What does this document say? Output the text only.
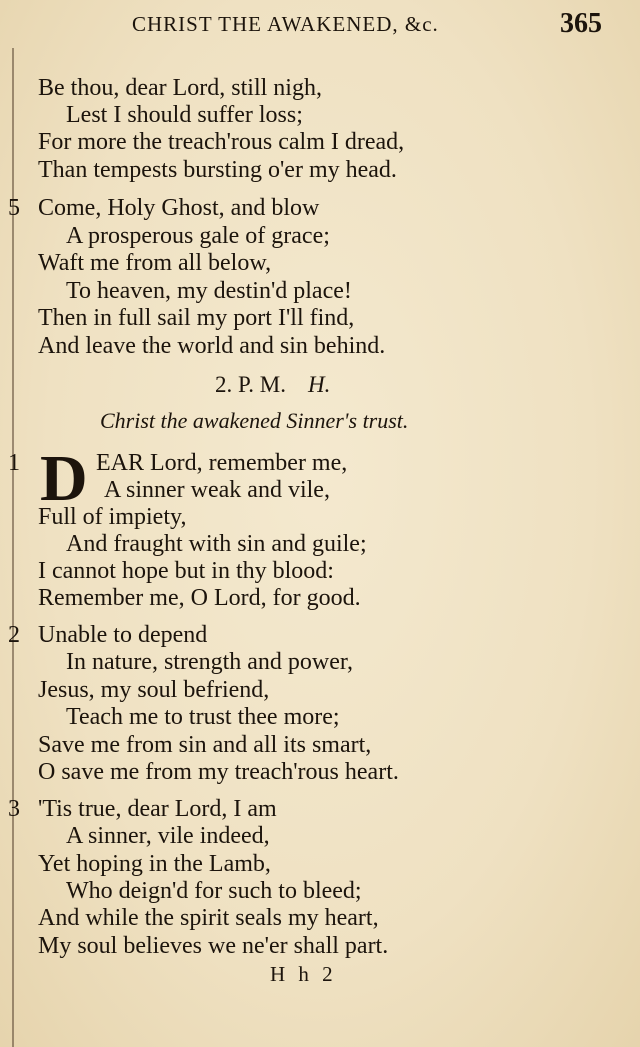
CHRIST THE AWAKENED, &c.	365
Be thou, dear Lord, still nigh,
Lest I should suffer loss;
For more the treach'rous calm I dread,
Than tempests bursting o'er my head.
5 Come, Holy Ghost, and blow
A prosperous gale of grace;
Waft me from all below,
To heaven, my destin'd place!
Then in full sail my port I'll find,
And leave the world and sin behind.
2. P. M. H.
Christ the awakened Sinner's trust.
1 D EAR Lord, remember me,
A sinner weak and vile,
Full of impiety,
And fraught with sin and guile;
I cannot hope but in thy blood:
Remember me, O Lord, for good.
2 Unable to depend
In nature, strength and power,
Jesus, my soul befriend,
Teach me to trust thee more;
Save me from sin and all its smart,
O save me from my treach'rous heart.
3 'Tis true, dear Lord, I am
A sinner, vile indeed,
Yet hoping in the Lamb,
Who deign'd for such to bleed;
And while the spirit seals my heart,
My soul believes we ne'er shall part.
H h 2
